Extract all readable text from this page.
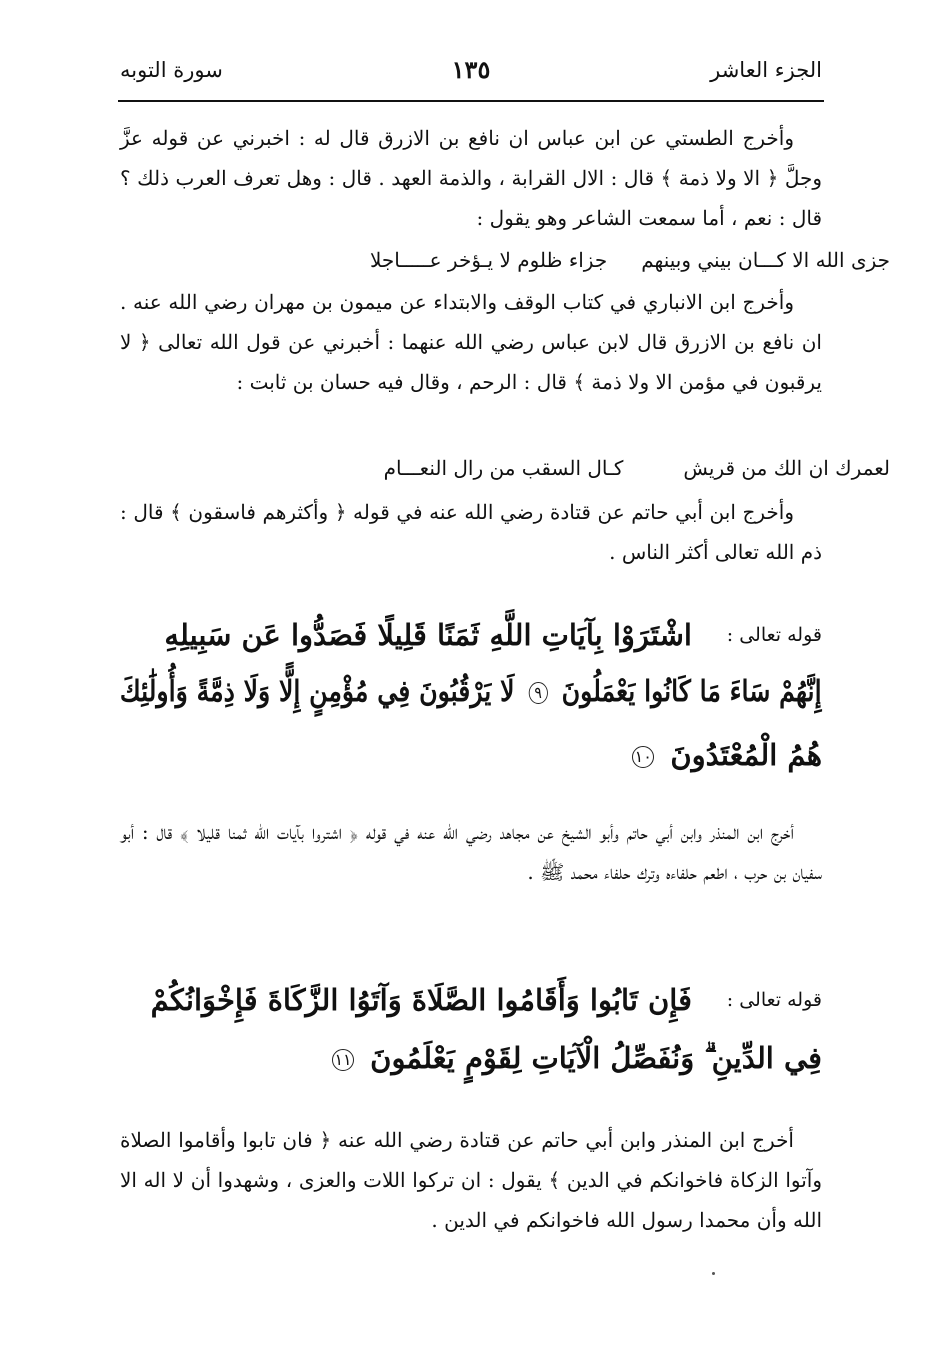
الجزء العاشر
١٣٥
سورة التوبه

وأخرج الطستي عن ابن عباس ان نافع بن الازرق قال له : اخبرني عن قوله عزَّ وجلَّ ﴿ الا ولا ذمة ﴾ قال : الال القرابة ، والذمة العهد . قال : وهل تعرف العرب ذلك ؟ قال : نعم ، أما سمعت الشاعر وهو يقول :

جزى الله الا كـــان بيني وبينهمجزاء ظلوم لا يـؤخر عـــــاجلا

وأخرج ابن الانباري في كتاب الوقف والابتداء عن ميمون بن مهران رضي الله عنه . ان نافع بن الازرق قال لابن عباس رضي الله عنهما : أخبرني عن قول الله تعالى ﴿ لا يرقبون في مؤمن الا ولا ذمة ﴾ قال : الرحم ، وقال فيه حسان بن ثابت :

لعمرك ان الك من قريشكـال السقب من رال النعـــام

وأخرج ابن أبي حاتم عن قتادة رضي الله عنه في قوله ﴿ وأكثرهم فاسقون ﴾ قال : ذم الله تعالى أكثر الناس .

قوله تعالى :
اشْتَرَوْا بِآيَاتِ اللَّهِ ثَمَنًا قَلِيلًا فَصَدُّوا عَن سَبِيلِهِ
إِنَّهُمْ سَاءَ مَا كَانُوا يَعْمَلُونَ ٩ لَا يَرْقُبُونَ فِي مُؤْمِنٍ إِلًّا وَلَا ذِمَّةً وَأُولَٰئِكَ
هُمُ الْمُعْتَدُونَ ١٠

أخرج ابن المنذر وابن أبي حاتم وأبو الشيخ عن مجاهد رضي الله عنه في قوله ﴿ اشتروا بآيات الله ثمنا قليلا ﴾ قال : أبو سفيان بن حرب ، اطعم حلفاءه وترك حلفاء محمد ﷺ .

قوله تعالى :
فَإِن تَابُوا وَأَقَامُوا الصَّلَاةَ وَآتَوُا الزَّكَاةَ فَإِخْوَانُكُمْ
فِي الدِّينِ ۗ وَنُفَصِّلُ الْآيَاتِ لِقَوْمٍ يَعْلَمُونَ ١١

أخرج ابن المنذر وابن أبي حاتم عن قتادة رضي الله عنه ﴿ فان تابوا وأقاموا الصلاة وآتوا الزكاة فاخوانكم في الدين ﴾ يقول : ان تركوا اللات والعزى ، وشهدوا أن لا اله الا الله وأن محمدا رسول الله فاخوانكم في الدين .
